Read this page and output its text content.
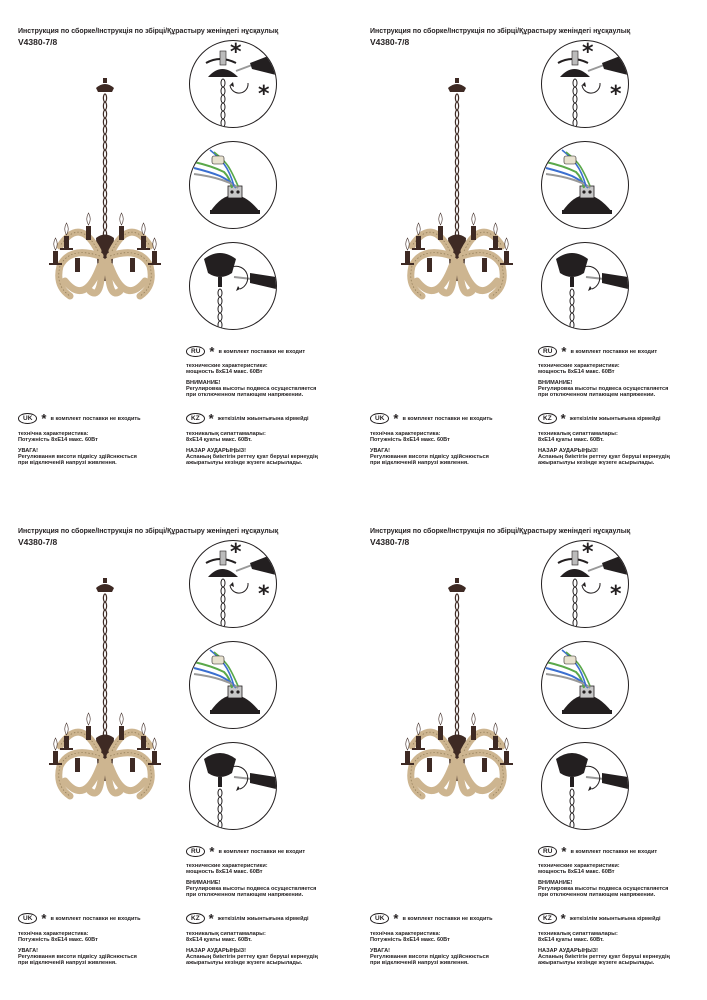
Инструкция по сборке/Інструкція по збірці/Құрастыру женіндегі нұсқаулық
V4380-7/8	*
*
RU * в комплект поставки не входит
технические характеристики:
мощность 8xE14 макс. 60Вт
ВНИМАНИЕ!
Регулировка высоты подвеса осуществляется
при отключенном питающем напряжении.
UK * в комплект поставки не входить
технічна характеристика:
Потужність 8xE14 макс. 60Вт
УВАГА!
Регулювання висоти підвісу здійснюється
при відключеній напрузі живлення.
KZ * жеткізілім жиынтығына кірмейді
техникалық сипаттамалары:
8xE14 қуаты макс. 60Вт.
НАЗАР АУДАРЫҢЫЗ!
Аспаның биіктігін реттеу қуат беруші кернеудің
ажыратылуы кезінде жүзеге асырылады.
Инструкция по сборке/Інструкція по збірці/Құрастыру женіндегі нұсқаулық
V4380-7/8	*
*
RU * в комплект поставки не входит
технические характеристики:
мощность 8xE14 макс. 60Вт
ВНИМАНИЕ!
Регулировка высоты подвеса осуществляется
при отключенном питающем напряжении.
UK * в комплект поставки не входить
технічна характеристика:
Потужність 8xE14 макс. 60Вт
УВАГА!
Регулювання висоти підвісу здійснюється
при відключеній напрузі живлення.
KZ * жеткізілім жиынтығына кірмейді
техникалық сипаттамалары:
8xE14 қуаты макс. 60Вт.
НАЗАР АУДАРЫҢЫЗ!
Аспаның биіктігін реттеу қуат беруші кернеудің
ажыратылуы кезінде жүзеге асырылады.
Инструкция по сборке/Інструкція по збірці/Құрастыру женіндегі нұсқаулық
V4380-7/8	*
*
RU * в комплект поставки не входит
технические характеристики:
мощность 8xE14 макс. 60Вт
ВНИМАНИЕ!
Регулировка высоты подвеса осуществляется
при отключенном питающем напряжении.
UK * в комплект поставки не входить
технічна характеристика:
Потужність 8xE14 макс. 60Вт
УВАГА!
Регулювання висоти підвісу здійснюється
при відключеній напрузі живлення.
KZ * жеткізілім жиынтығына кірмейді
техникалық сипаттамалары:
8xE14 қуаты макс. 60Вт.
НАЗАР АУДАРЫҢЫЗ!
Аспаның биіктігін реттеу қуат беруші кернеудің
ажыратылуы кезінде жүзеге асырылады.
Инструкция по сборке/Інструкція по збірці/Құрастыру женіндегі нұсқаулық
V4380-7/8	*
*
RU * в комплект поставки не входит
технические характеристики:
мощность 8xE14 макс. 60Вт
ВНИМАНИЕ!
Регулировка высоты подвеса осуществляется
при отключенном питающем напряжении.
UK * в комплект поставки не входить
технічна характеристика:
Потужність 8xE14 макс. 60Вт
УВАГА!
Регулювання висоти підвісу здійснюється
при відключеній напрузі живлення.
KZ * жеткізілім жиынтығына кірмейді
техникалық сипаттамалары:
8xE14 қуаты макс. 60Вт.
НАЗАР АУДАРЫҢЫЗ!
Аспаның биіктігін реттеу қуат беруші кернеудің
ажыратылуы кезінде жүзеге асырылады.
